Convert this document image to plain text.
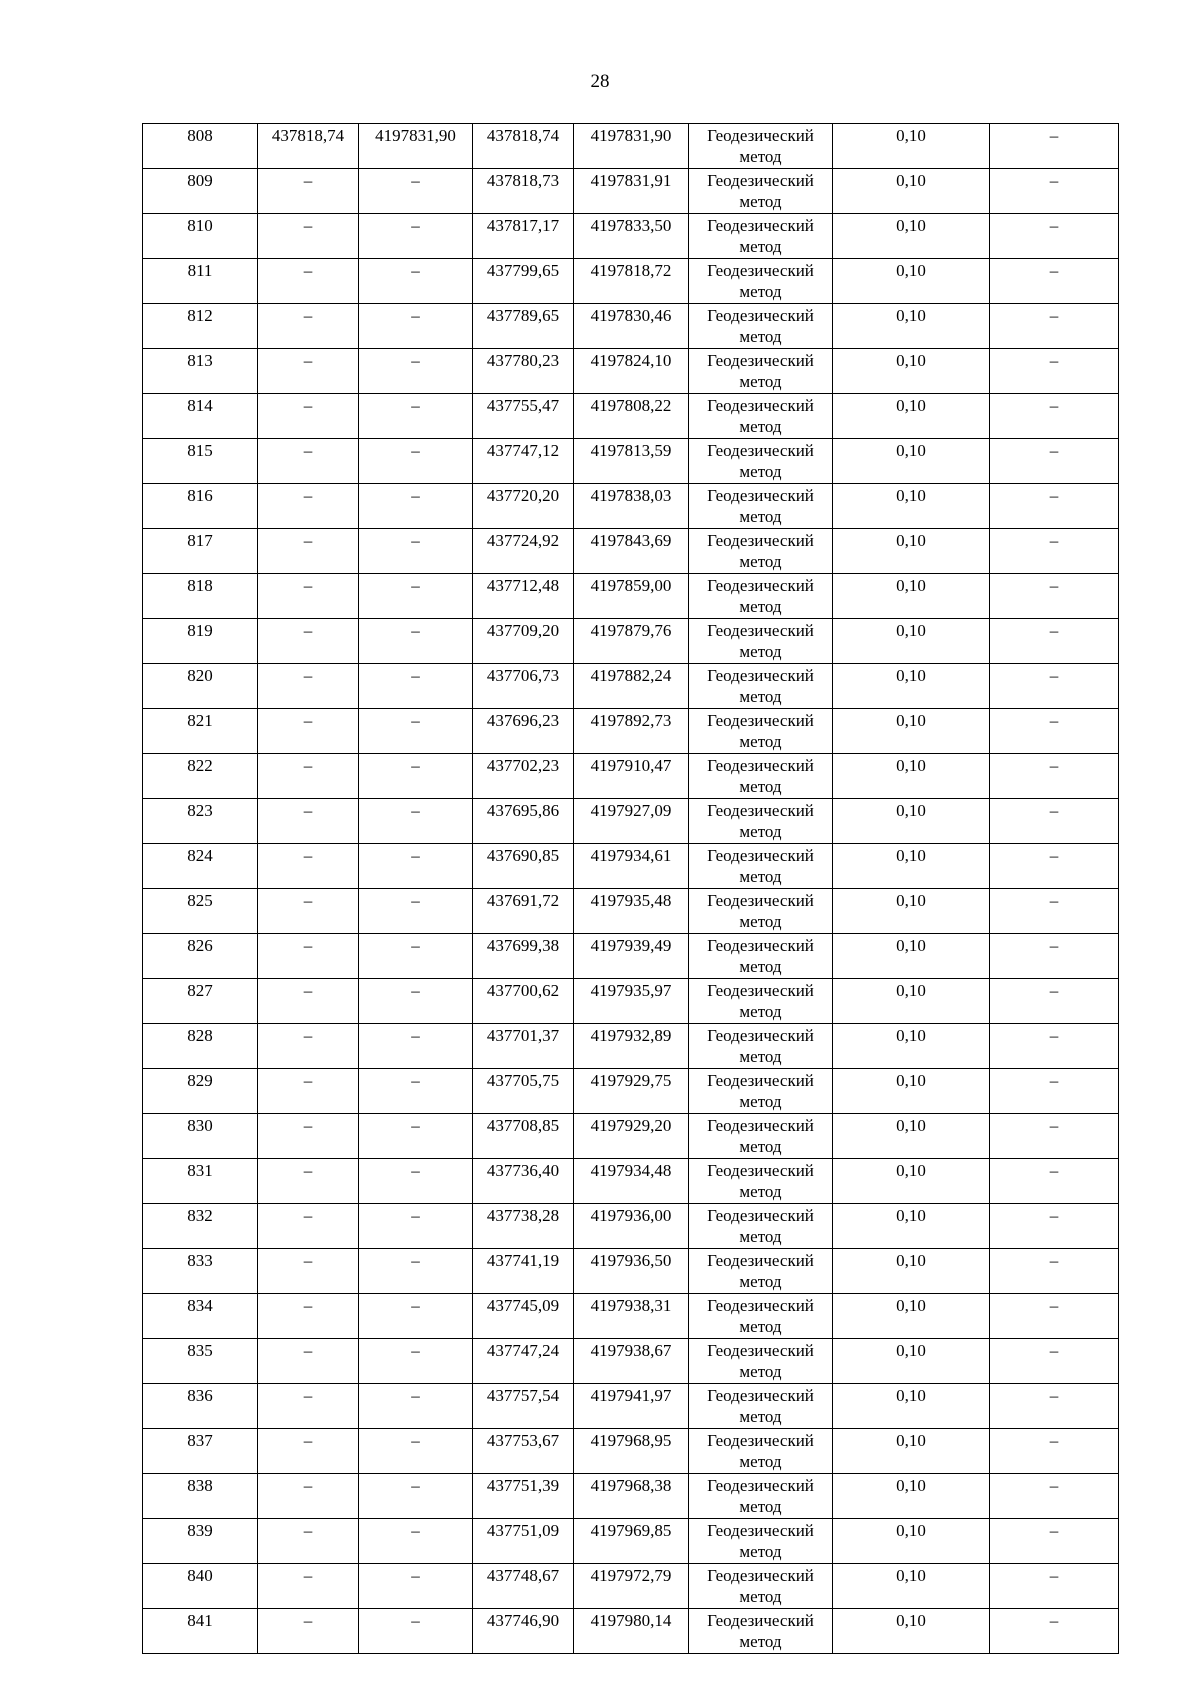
28
808	437818,74	4197831,90	437818,74	4197831,90	Геодезический метод	0,10	–
809	–	–	437818,73	4197831,91	Геодезический метод	0,10	–
810	–	–	437817,17	4197833,50	Геодезический метод	0,10	–
811	–	–	437799,65	4197818,72	Геодезический метод	0,10	–
812	–	–	437789,65	4197830,46	Геодезический метод	0,10	–
813	–	–	437780,23	4197824,10	Геодезический метод	0,10	–
814	–	–	437755,47	4197808,22	Геодезический метод	0,10	–
815	–	–	437747,12	4197813,59	Геодезический метод	0,10	–
816	–	–	437720,20	4197838,03	Геодезический метод	0,10	–
817	–	–	437724,92	4197843,69	Геодезический метод	0,10	–
818	–	–	437712,48	4197859,00	Геодезический метод	0,10	–
819	–	–	437709,20	4197879,76	Геодезический метод	0,10	–
820	–	–	437706,73	4197882,24	Геодезический метод	0,10	–
821	–	–	437696,23	4197892,73	Геодезический метод	0,10	–
822	–	–	437702,23	4197910,47	Геодезический метод	0,10	–
823	–	–	437695,86	4197927,09	Геодезический метод	0,10	–
824	–	–	437690,85	4197934,61	Геодезический метод	0,10	–
825	–	–	437691,72	4197935,48	Геодезический метод	0,10	–
826	–	–	437699,38	4197939,49	Геодезический метод	0,10	–
827	–	–	437700,62	4197935,97	Геодезический метод	0,10	–
828	–	–	437701,37	4197932,89	Геодезический метод	0,10	–
829	–	–	437705,75	4197929,75	Геодезический метод	0,10	–
830	–	–	437708,85	4197929,20	Геодезический метод	0,10	–
831	–	–	437736,40	4197934,48	Геодезический метод	0,10	–
832	–	–	437738,28	4197936,00	Геодезический метод	0,10	–
833	–	–	437741,19	4197936,50	Геодезический метод	0,10	–
834	–	–	437745,09	4197938,31	Геодезический метод	0,10	–
835	–	–	437747,24	4197938,67	Геодезический метод	0,10	–
836	–	–	437757,54	4197941,97	Геодезический метод	0,10	–
837	–	–	437753,67	4197968,95	Геодезический метод	0,10	–
838	–	–	437751,39	4197968,38	Геодезический метод	0,10	–
839	–	–	437751,09	4197969,85	Геодезический метод	0,10	–
840	–	–	437748,67	4197972,79	Геодезический метод	0,10	–
841	–	–	437746,90	4197980,14	Геодезический метод	0,10	–
